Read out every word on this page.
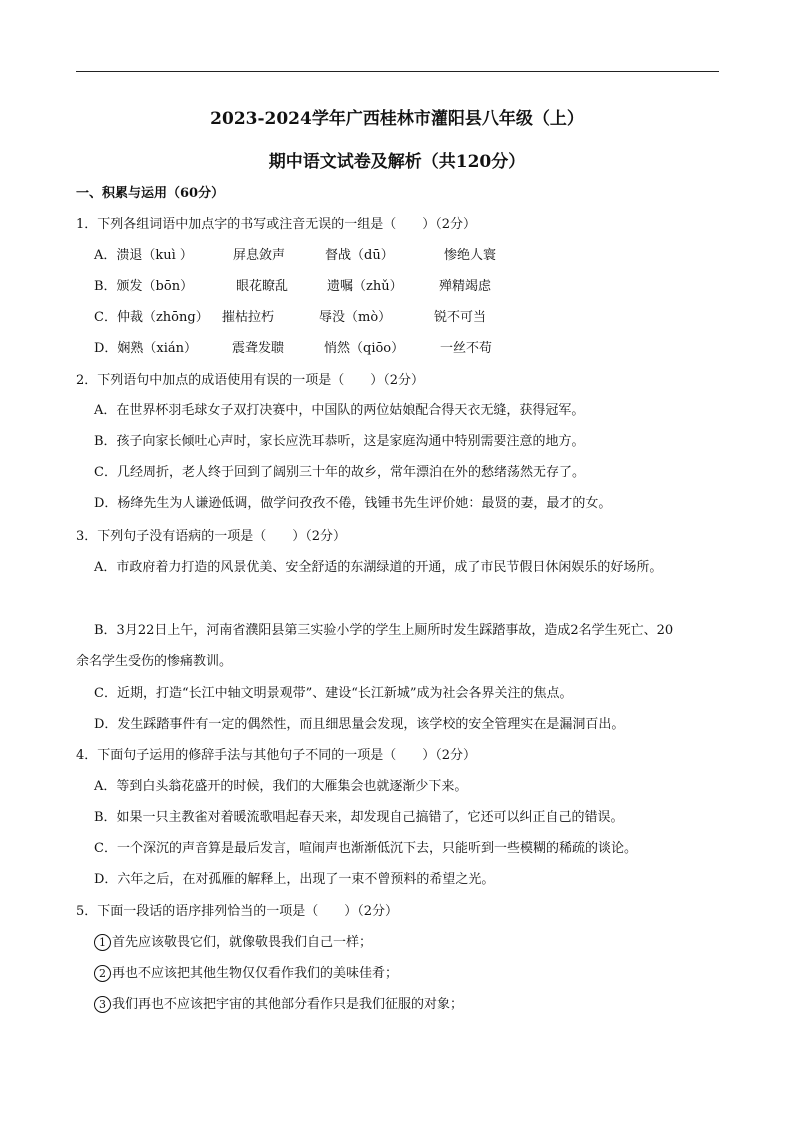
2023-2024学年广西桂林市灌阳县八年级（上）
期中语文试卷及解析（共120分）
一、积累与运用（60分）
1．下列各组词语中加点字的书写或注音无误的一组是（　　）（2分）
A．溃退（kuì ）	屏息敛声	督战（dū）	惨绝人寰
B．颁发（bōn）	眼花瞭乱	遗嘱（zhǔ）	殚精竭虑
C．仲裁（zhōng） 摧枯拉朽	辱没（mò）	锐不可当
D．娴熟（xián）	震聋发聩	悄然（qiōo）	一丝不苟
2．下列语句中加点的成语使用有误的一项是（　　）（2分）
A．在世界杯羽毛球女子双打决赛中，中国队的两位姑娘配合得天衣无缝，获得冠军。
B．孩子向家长倾吐心声时，家长应洗耳恭听，这是家庭沟通中特别需要注意的地方。
C．几经周折，老人终于回到了阔别三十年的故乡，常年漂泊在外的愁绪荡然无存了。
D．杨绛先生为人谦逊低调，做学问孜孜不倦，钱锺书先生评价她：最贤的妻，最才的女。
3．下列句子没有语病的一项是（　　）（2分）
A．市政府着力打造的风景优美、安全舒适的东湖绿道的开通，成了市民节假日休闲娱乐的好场所。
B．3月22日上午，河南省濮阳县第三实验小学的学生上厕所时发生踩踏事故，造成2名学生死亡、20
余名学生受伤的惨痛教训。
C．近期，打造“长江中轴文明景观带”、建设“长江新城”成为社会各界关注的焦点。
D．发生踩踏事件有一定的偶然性，而且细思量会发现，该学校的安全管理实在是漏洞百出。
4．下面句子运用的修辞手法与其他句子不同的一项是（　　）（2分）
A．等到白头翁花盛开的时候，我们的大雁集会也就逐渐少下来。
B．如果一只主教雀对着暖流歌唱起春天来，却发现自己搞错了，它还可以纠正自己的错误。
C．一个深沉的声音算是最后发言，喧闹声也渐渐低沉下去，只能听到一些模糊的稀疏的谈论。
D．六年之后，在对孤雁的解释上，出现了一束不曾预料的希望之光。
5．下面一段话的语序排列恰当的一项是（　　）（2分）
1 首先应该敬畏它们，就像敬畏我们自己一样；
2 再也不应该把其他生物仅仅看作我们的美味佳肴；
3 我们再也不应该把宇宙的其他部分看作只是我们征服的对象；
